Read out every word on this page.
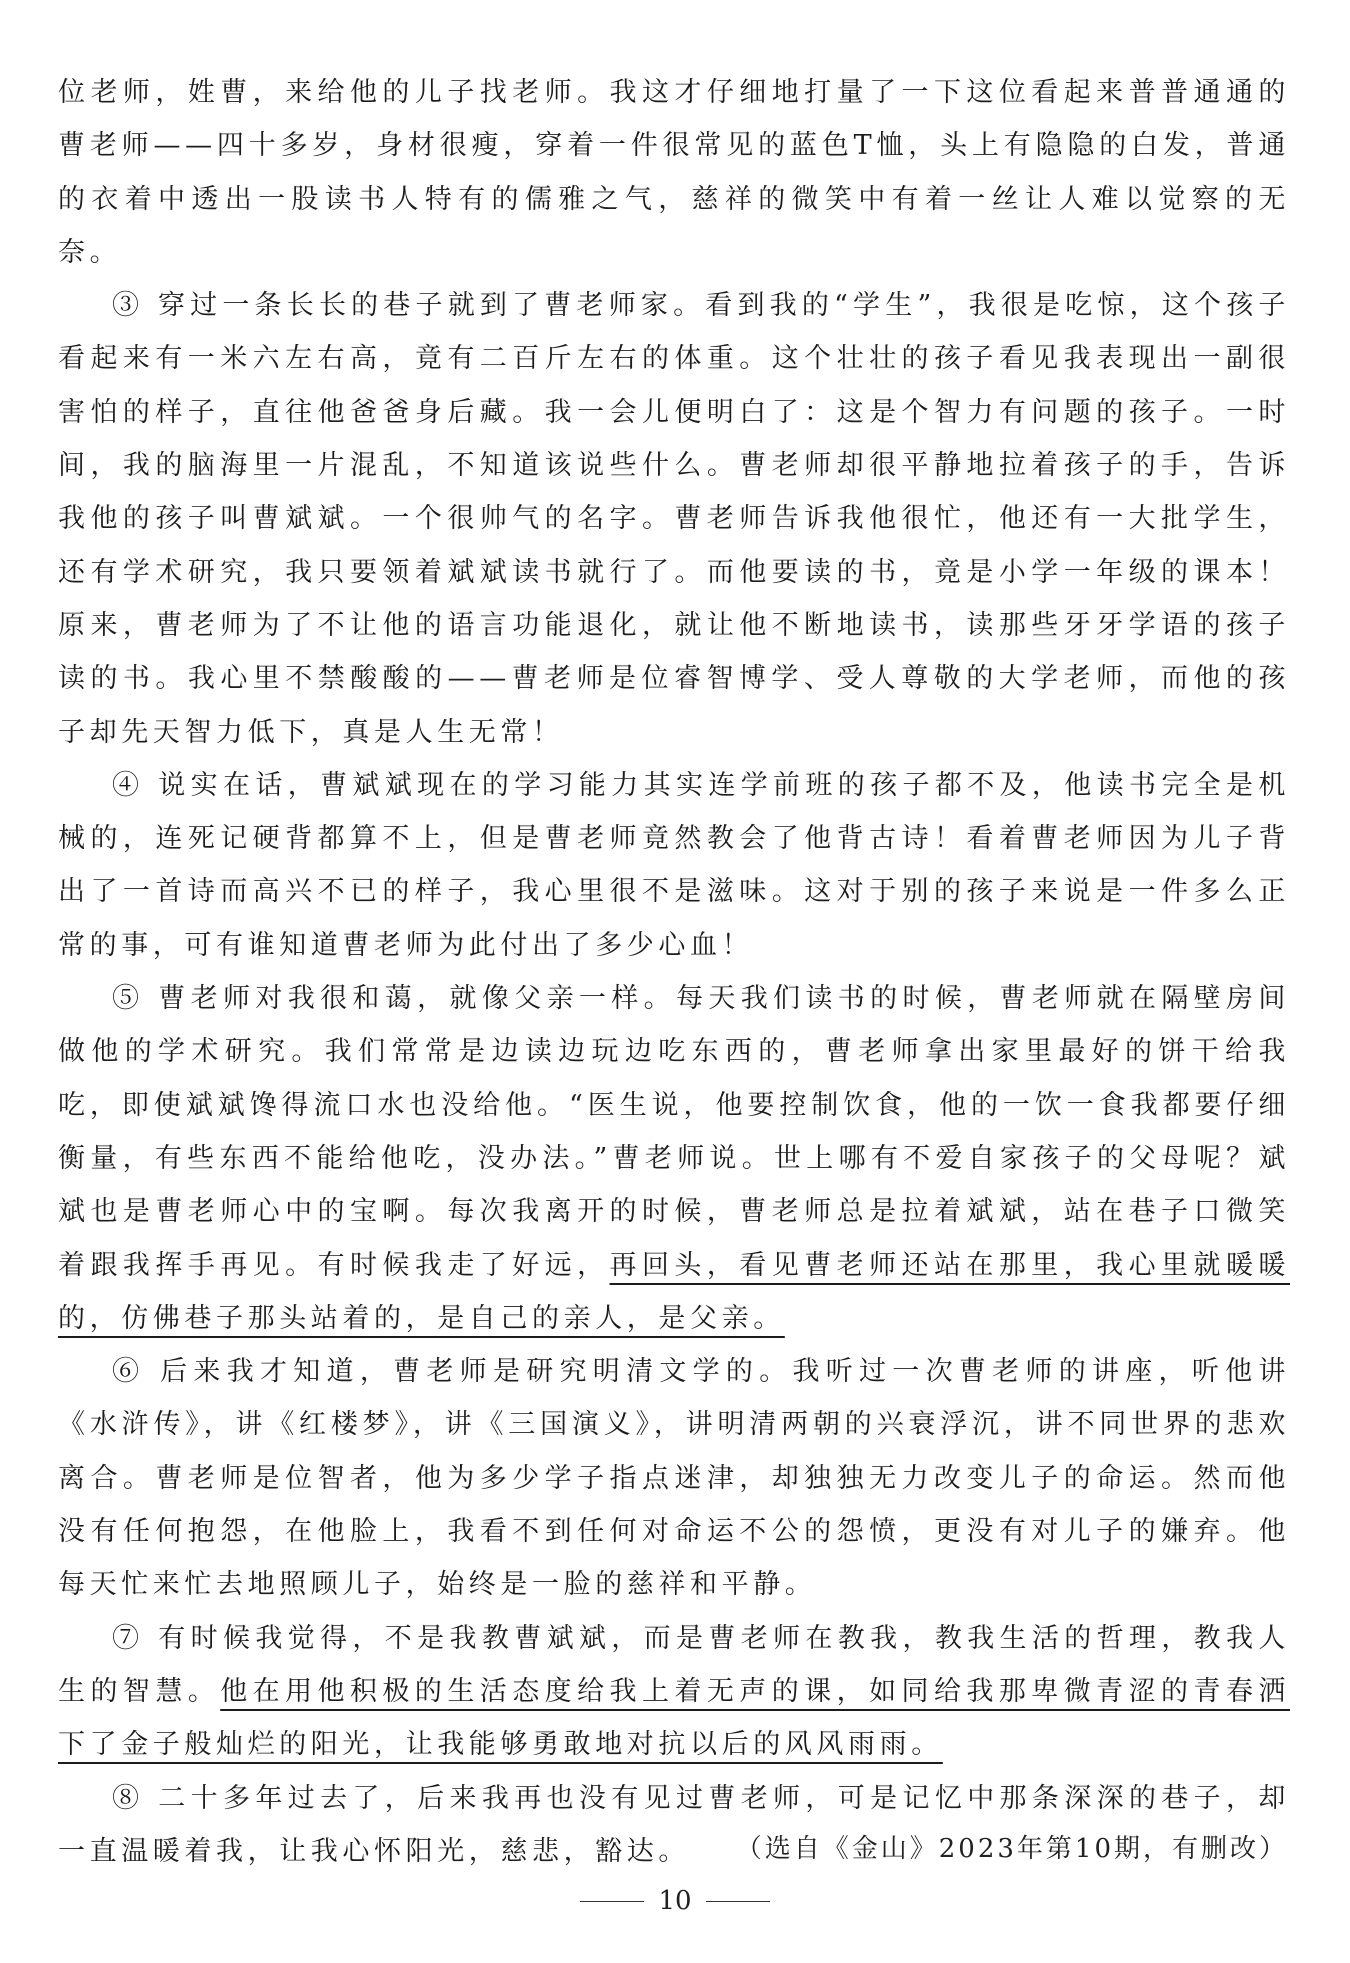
位老师，姓曹，来给他的儿子找老师。我这才仔细地打量了一下这位看起来普普通通的曹老师——四十多岁，身材很瘦，穿着一件很常见的蓝色T恤，头上有隐隐的白发，普通的衣着中透出一股读书人特有的儒雅之气，慈祥的微笑中有着一丝让人难以觉察的无奈。

③ 穿过一条长长的巷子就到了曹老师家。看到我的“学生”，我很是吃惊，这个孩子看起来有一米六左右高，竟有二百斤左右的体重。这个壮壮的孩子看见我表现出一副很害怕的样子，直往他爸爸身后藏。我一会儿便明白了：这是个智力有问题的孩子。一时间，我的脑海里一片混乱，不知道该说些什么。曹老师却很平静地拉着孩子的手，告诉我他的孩子叫曹斌斌。一个很帅气的名字。曹老师告诉我他很忙，他还有一大批学生，还有学术研究，我只要领着斌斌读书就行了。而他要读的书，竟是小学一年级的课本！原来，曹老师为了不让他的语言功能退化，就让他不断地读书，读那些牙牙学语的孩子读的书。我心里不禁酸酸的——曹老师是位睿智博学、受人尊敬的大学老师，而他的孩子却先天智力低下，真是人生无常！

④ 说实在话，曹斌斌现在的学习能力其实连学前班的孩子都不及，他读书完全是机械的，连死记硬背都算不上，但是曹老师竟然教会了他背古诗！看着曹老师因为儿子背出了一首诗而高兴不已的样子，我心里很不是滋味。这对于别的孩子来说是一件多么正常的事，可有谁知道曹老师为此付出了多少心血！

⑤ 曹老师对我很和蔼，就像父亲一样。每天我们读书的时候，曹老师就在隔壁房间做他的学术研究。我们常常是边读边玩边吃东西的，曹老师拿出家里最好的饼干给我吃，即使斌斌馋得流口水也没给他。“医生说，他要控制饮食，他的一饮一食我都要仔细衡量，有些东西不能给他吃，没办法。”曹老师说。世上哪有不爱自家孩子的父母呢？斌斌也是曹老师心中的宝啊。每次我离开的时候，曹老师总是拉着斌斌，站在巷子口微笑着跟我挥手再见。有时候我走了好远，再回头，看见曹老师还站在那里，我心里就暖暖的，仿佛巷子那头站着的，是自己的亲人，是父亲。

⑥ 后来我才知道，曹老师是研究明清文学的。我听过一次曹老师的讲座，听他讲《水浒传》，讲《红楼梦》，讲《三国演义》，讲明清两朝的兴衰浮沉，讲不同世界的悲欢离合。曹老师是位智者，他为多少学子指点迷津，却独独无力改变儿子的命运。然而他没有任何抱怨，在他脸上，我看不到任何对命运不公的怨愤，更没有对儿子的嫌弃。他每天忙来忙去地照顾儿子，始终是一脸的慈祥和平静。

⑦ 有时候我觉得，不是我教曹斌斌，而是曹老师在教我，教我生活的哲理，教我人生的智慧。他在用他积极的生活态度给我上着无声的课，如同给我那卑微青涩的青春洒下了金子般灿烂的阳光，让我能够勇敢地对抗以后的风风雨雨。

⑧ 二十多年过去了，后来我再也没有见过曹老师，可是记忆中那条深深的巷子，却一直温暖着我，让我心怀阳光，慈悲，豁达。	（选自《金山》2023年第10期，有删改）
10
